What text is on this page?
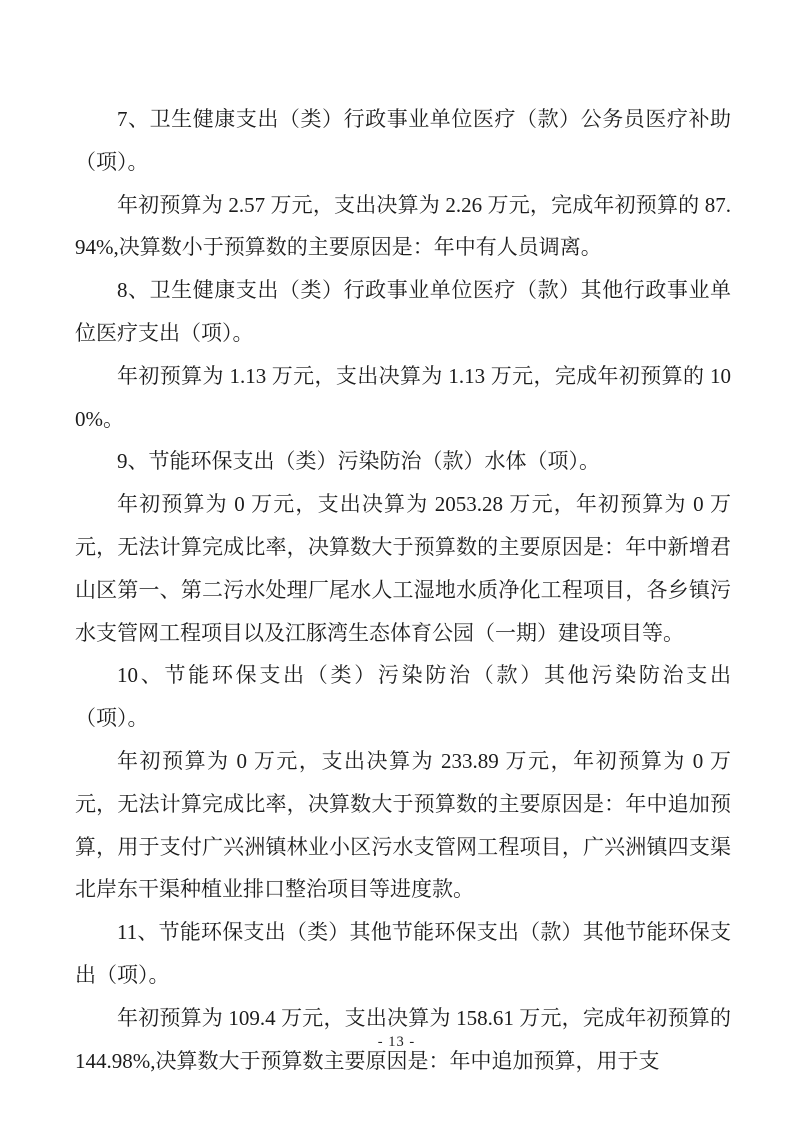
7、卫生健康支出（类）行政事业单位医疗（款）公务员医疗补助（项）。

年初预算为 2.57 万元，支出决算为 2.26 万元，完成年初预算的 87.94%,决算数小于预算数的主要原因是：年中有人员调离。

8、卫生健康支出（类）行政事业单位医疗（款）其他行政事业单位医疗支出（项）。

年初预算为 1.13 万元，支出决算为 1.13 万元，完成年初预算的 100%。

9、节能环保支出（类）污染防治（款）水体（项）。

年初预算为 0 万元，支出决算为 2053.28 万元，年初预算为 0 万元，无法计算完成比率，决算数大于预算数的主要原因是：年中新增君山区第一、第二污水处理厂尾水人工湿地水质净化工程项目，各乡镇污水支管网工程项目以及江豚湾生态体育公园（一期）建设项目等。

10、节能环保支出（类）污染防治（款）其他污染防治支出（项）。

年初预算为 0 万元，支出决算为 233.89 万元，年初预算为 0 万元，无法计算完成比率，决算数大于预算数的主要原因是：年中追加预算，用于支付广兴洲镇林业小区污水支管网工程项目，广兴洲镇四支渠北岸东干渠种植业排口整治项目等进度款。

11、节能环保支出（类）其他节能环保支出（款）其他节能环保支出（项）。

年初预算为 109.4 万元，支出决算为 158.61 万元，完成年初预算的 144.98%,决算数大于预算数主要原因是：年中追加预算，用于支

- 13 -
